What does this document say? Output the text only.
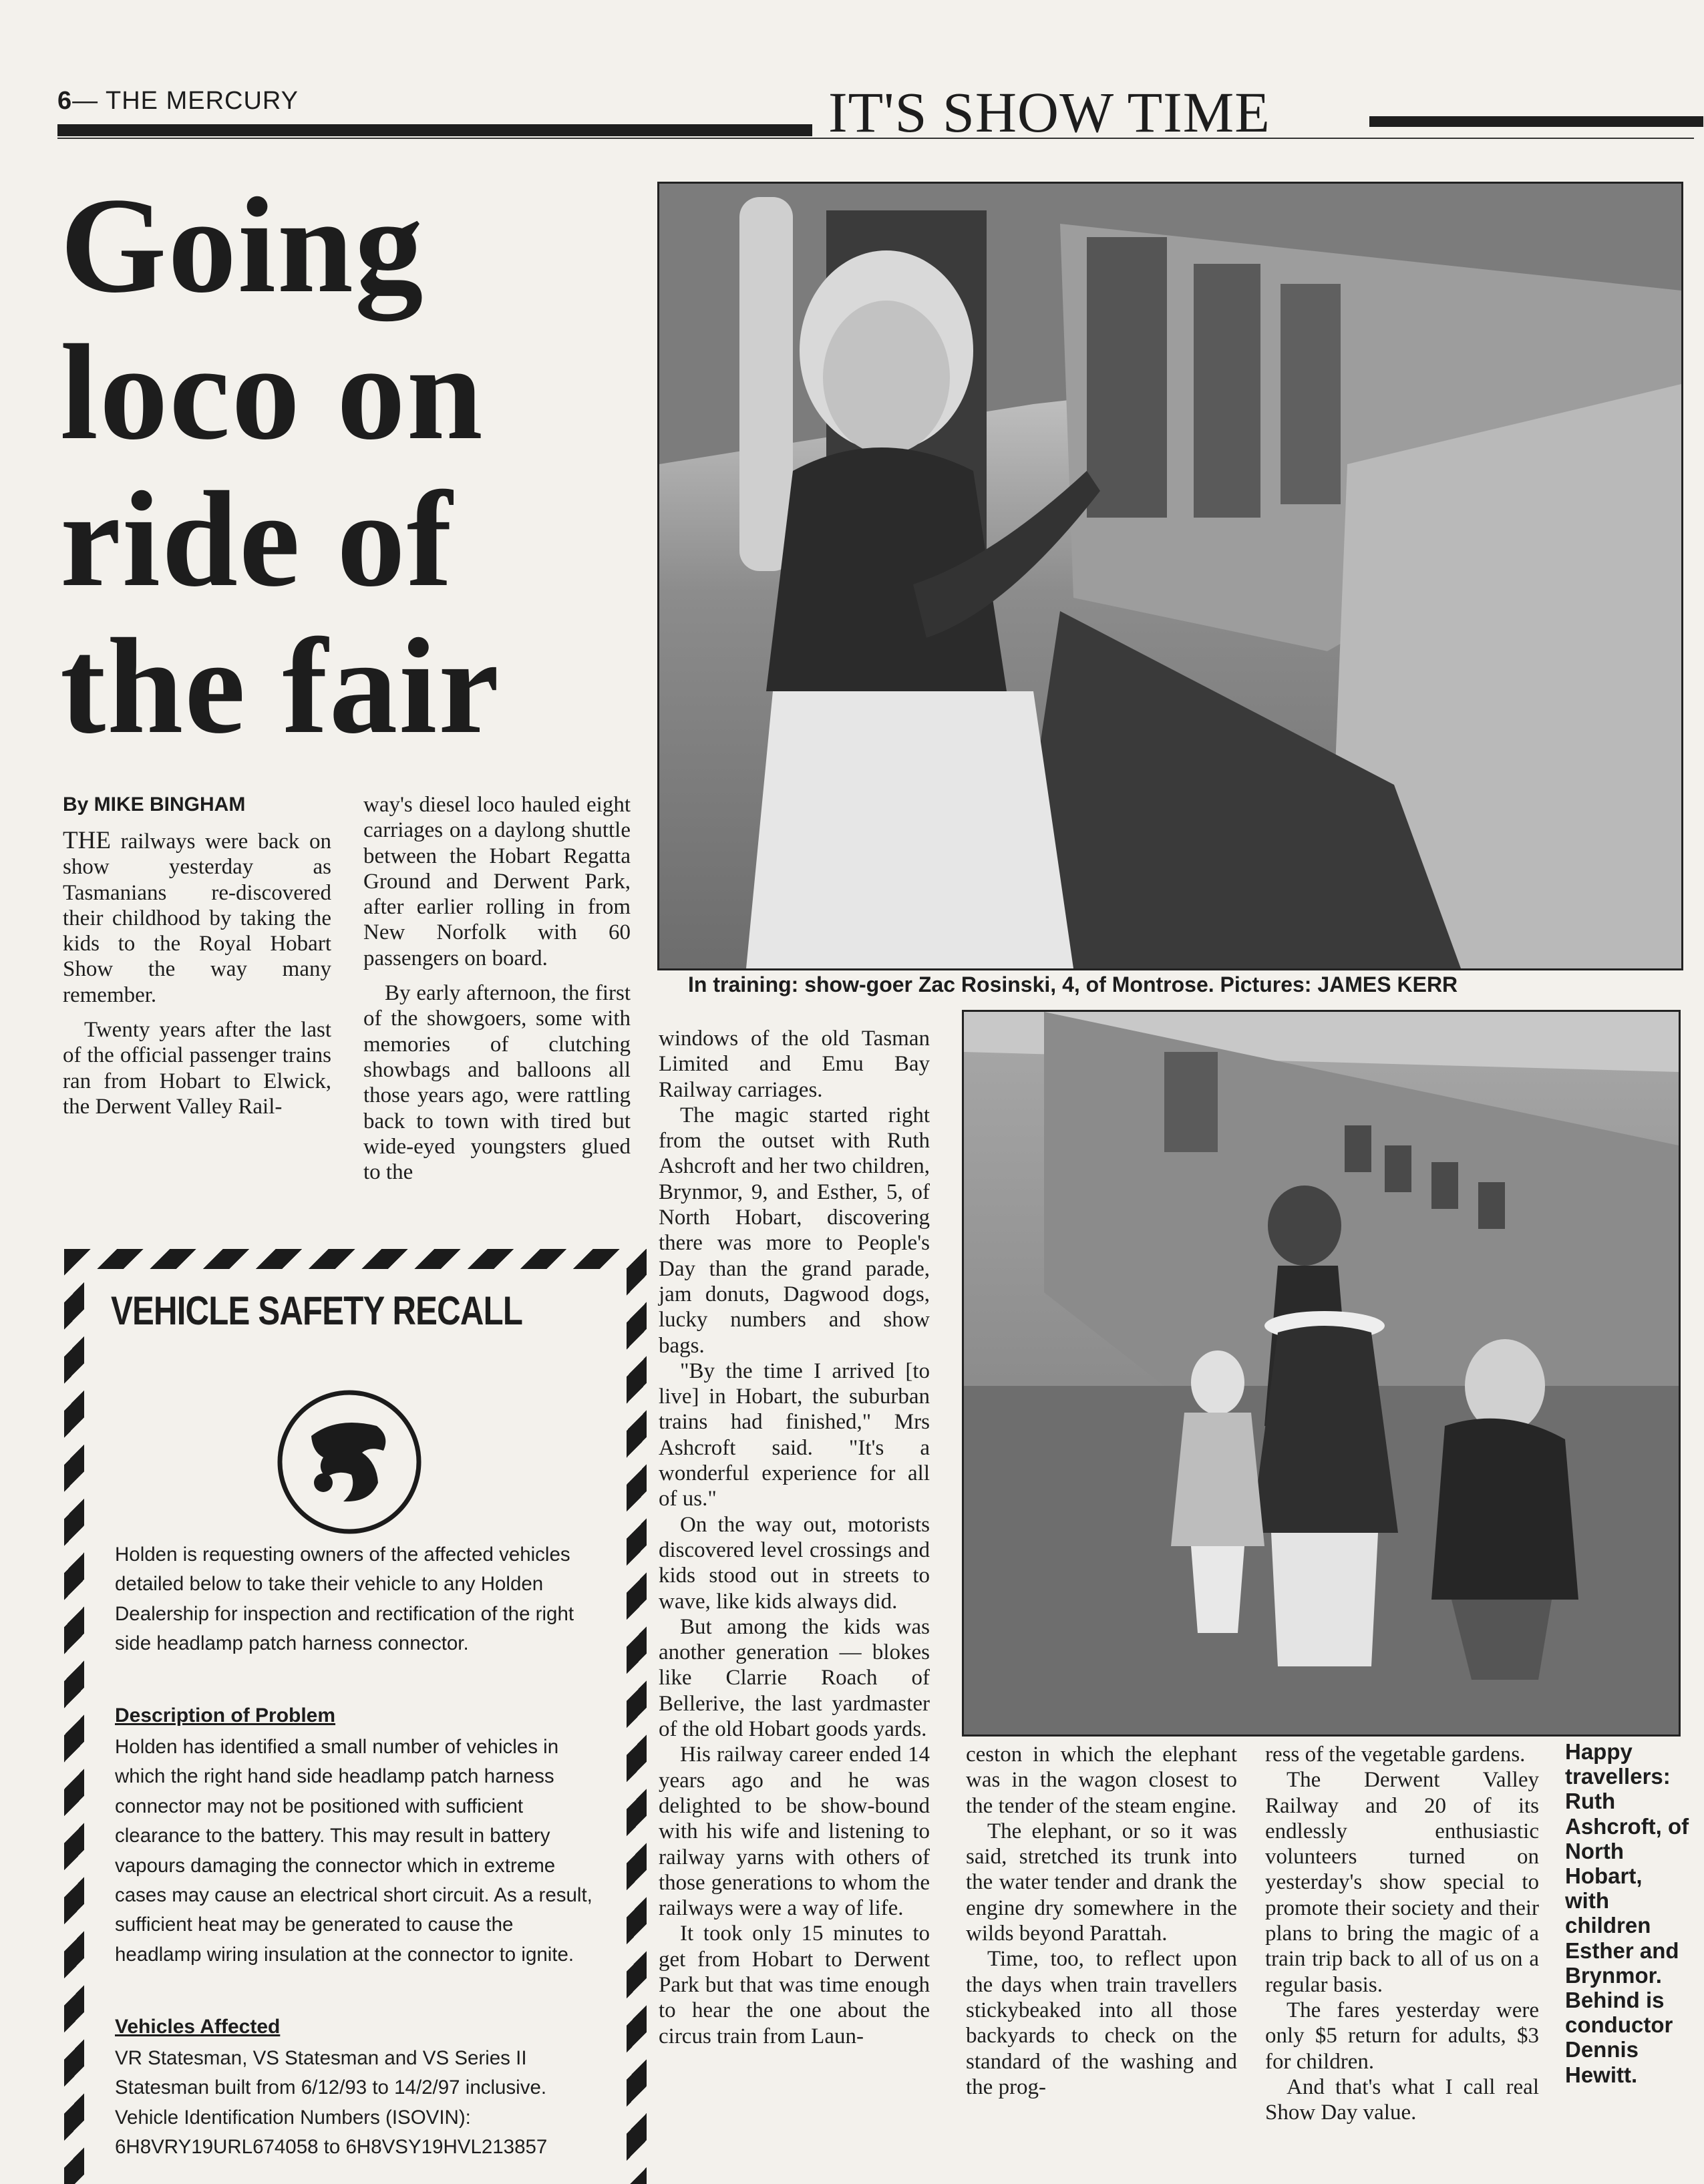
6— THE MERCURY	IT'S SHOW TIME
Going
loco on
ride of
the fair
In training: show-goer Zac Rosinski, 4, of Montrose. Pictures: JAMES KERR
By MIKE BINGHAM

THE railways were back on show yesterday as Tasmanians re-discovered their childhood by taking the kids to the Royal Hobart Show the way many remember.

Twenty years after the last of the official passenger trains ran from Hobart to Elwick, the Derwent Valley Rail-

way's diesel loco hauled eight carriages on a daylong shuttle between the Hobart Regatta Ground and Derwent Park, after earlier rolling in from New Norfolk with 60 passengers on board.

By early afternoon, the first of the showgoers, some with memories of clutching showbags and balloons all those years ago, were rattling back to town with tired but wide-eyed youngsters glued to the

windows of the old Tasman Limited and Emu Bay Railway carriages.

The magic started right from the outset with Ruth Ashcroft and her two children, Brynmor, 9, and Esther, 5, of North Hobart, discovering there was more to People's Day than the grand parade, jam donuts, Dagwood dogs, lucky numbers and show bags.

"By the time I arrived [to live] in Hobart, the suburban trains had finished," Mrs Ashcroft said. "It's a wonderful experience for all of us."

On the way out, motorists discovered level crossings and kids stood out in streets to wave, like kids always did.

But among the kids was another generation — blokes like Clarrie Roach of Bellerive, the last yardmaster of the old Hobart goods yards.

His railway career ended 14 years ago and he was delighted to be show-bound with his wife and listening to railway yarns with others of those generations to whom the railways were a way of life.

It took only 15 minutes to get from Hobart to Derwent Park but that was time enough to hear the one about the circus train from Laun-

ceston in which the elephant was in the wagon closest to the tender of the steam engine.

The elephant, or so it was said, stretched its trunk into the water tender and drank the engine dry somewhere in the wilds beyond Parattah.

Time, too, to reflect upon the days when train travellers stickybeaked into all those backyards to check on the standard of the washing and the prog-

ress of the vegetable gardens.

The Derwent Valley Railway and 20 of its endlessly enthusiastic volunteers turned on yesterday's show special to promote their society and their plans to bring the magic of a train trip back to all of us on a regular basis.

The fares yesterday were only $5 return for adults, $3 for children.

And that's what I call real Show Day value.

Happy travellers: Ruth Ashcroft, of North Hobart, with children Esther and Brynmor. Behind is conductor Dennis Hewitt.
VEHICLE SAFETY RECALL
Holden is requesting owners of the affected vehicles detailed below to take their vehicle to any Holden Dealership for inspection and rectification of the right side headlamp patch harness connector.
Description of Problem
Holden has identified a small number of vehicles in which the right hand side headlamp patch harness connector may not be positioned with sufficient clearance to the battery. This may result in battery vapours damaging the connector which in extreme cases may cause an electrical short circuit. As a result, sufficient heat may be generated to cause the headlamp wiring insulation at the connector to ignite.
Vehicles Affected
VR Statesman, VS Statesman and VS Series II Statesman built from 6/12/93 to 14/2/97 inclusive. Vehicle Identification Numbers (ISOVIN): 6H8VRY19URL674058 to 6H8VSY19HVL213857
